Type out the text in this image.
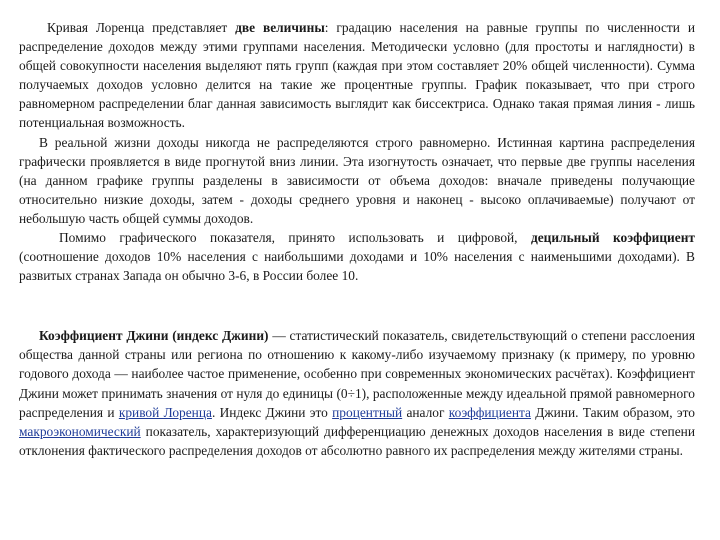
Кривая Лоренца представляет две величины: градацию населения на равные группы по численности и распределение доходов между этими группами населения. Методически условно (для простоты и наглядности) в общей совокупности населения выделяют пять групп (каждая при этом составляет 20% общей численности). Сумма получаемых доходов условно делится на такие же процентные группы. График показывает, что при строго равномерном распределении благ данная зависимость выглядит как биссектриса. Однако такая прямая линия - лишь потенциальная возможность.

В реальной жизни доходы никогда не распределяются строго равномерно. Истинная картина распределения графически проявляется в виде прогнутой вниз линии. Эта изогнутость означает, что первые две группы населения (на данном графике группы разделены в зависимости от объема доходов: вначале приведены получающие относительно низкие доходы, затем - доходы среднего уровня и наконец - высоко оплачиваемые) получают от небольшую часть общей суммы доходов.

Помимо графического показателя, принято использовать и цифровой, децильный коэффициент (соотношение доходов 10% населения с наибольшими доходами и 10% населения с наименьшими доходами). В развитых странах Запада он обычно 3-6, в России более 10.

Коэффициент Джини (индекс Джини) — статистический показатель, свидетельствующий о степени расслоения общества данной страны или региона по отношению к какому-либо изучаемому признаку (к примеру, по уровню годового дохода — наиболее частое применение, особенно при современных экономических расчётах). Коэффициент Джини может принимать значения от нуля до единицы (0÷1), расположенные между идеальной прямой равномерного распределения и кривой Лоренца. Индекс Джини это процентный аналог коэффициента Джини. Таким образом, это макроэкономический показатель, характеризующий дифференциацию денежных доходов населения в виде степени отклонения фактического распределения доходов от абсолютно равного их распределения между жителями страны.
